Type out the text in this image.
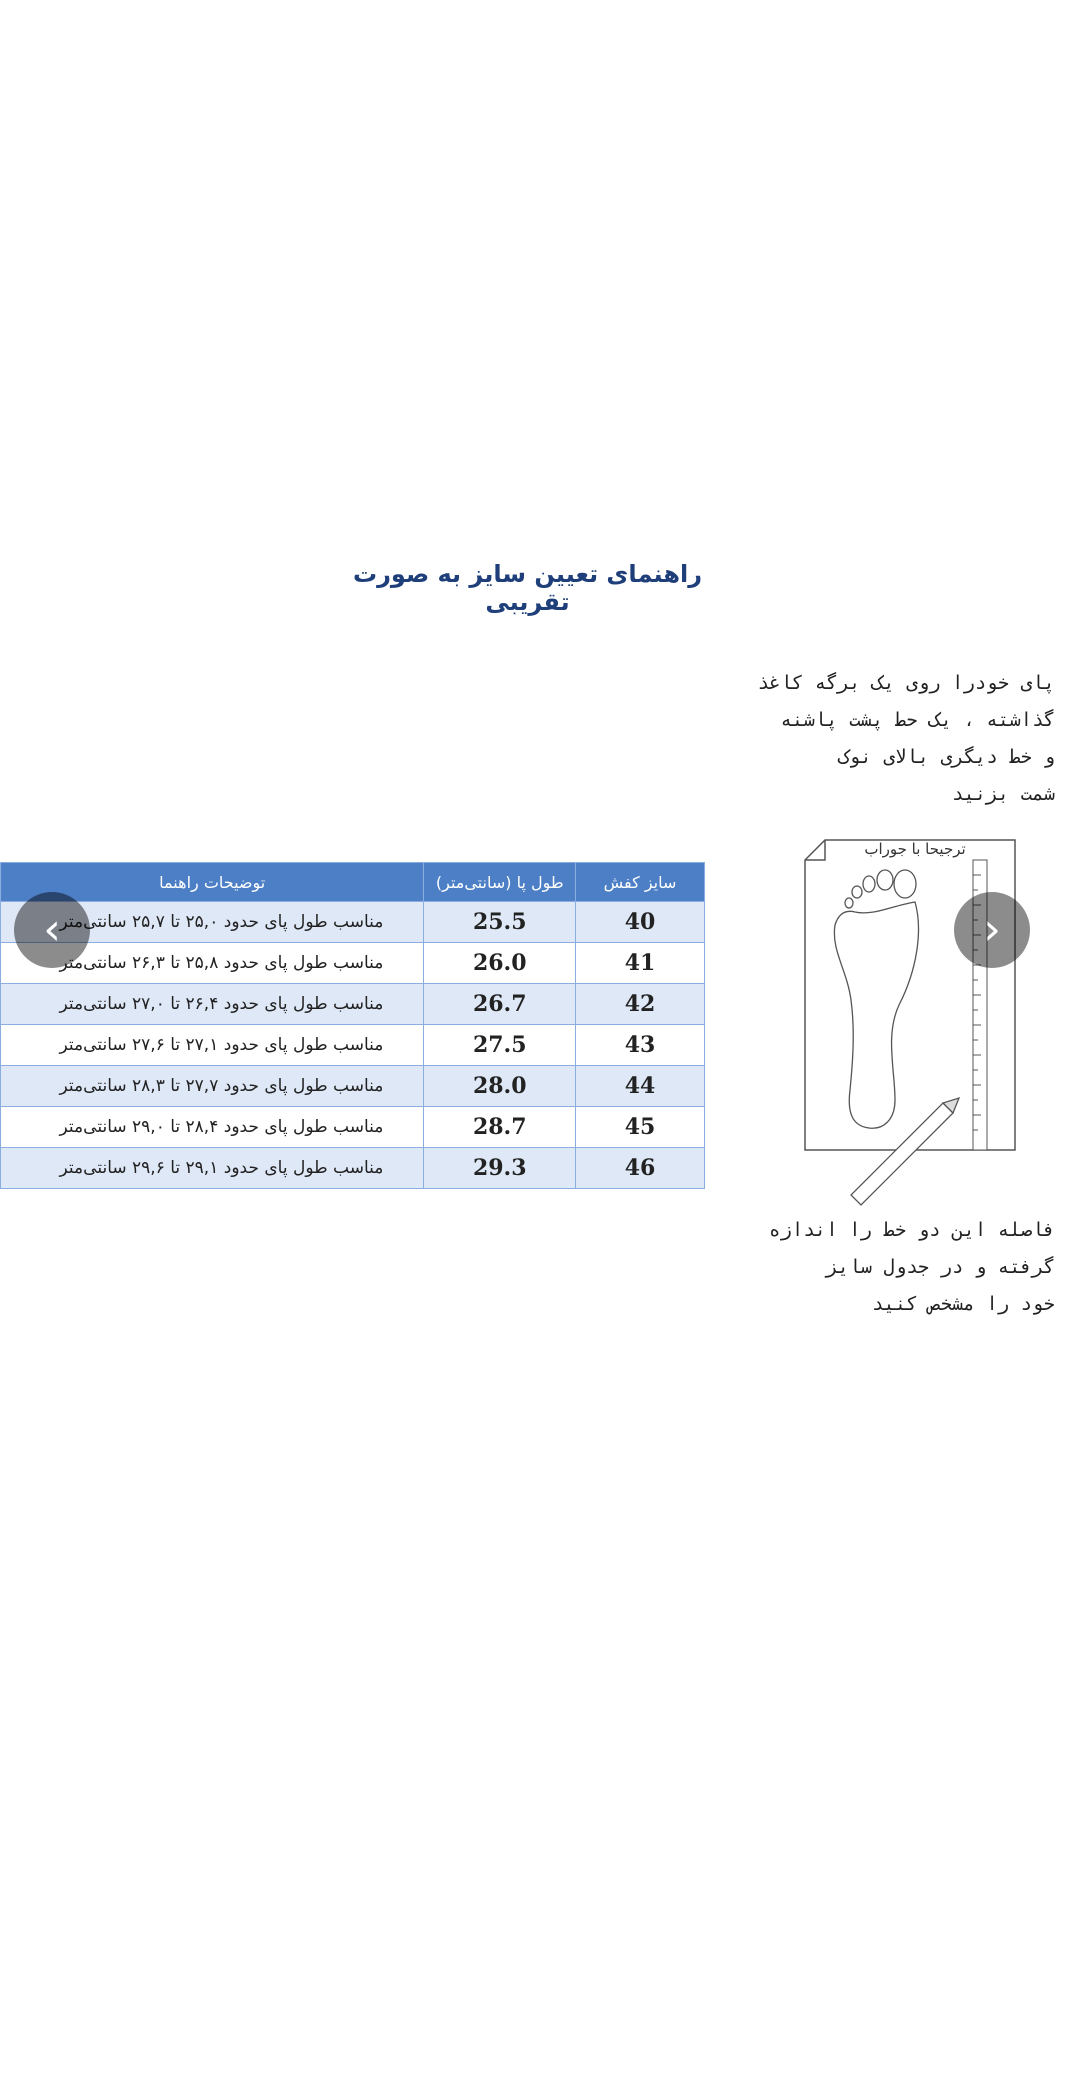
راهنمای تعیین سایز به صورت تقریبی
سایز کفش	طول پا (سانتی‌متر)	توضیحات راهنما
40	25.5	مناسب طول پای حدود ۲۵,۰ تا ۲۵,۷ سانتی‌متر
41	26.0	مناسب طول پای حدود ۲۵,۸ تا ۲۶,۳ سانتی‌متر
42	26.7	مناسب طول پای حدود ۲۶,۴ تا ۲۷,۰ سانتی‌متر
43	27.5	مناسب طول پای حدود ۲۷,۱ تا ۲۷,۶ سانتی‌متر
44	28.0	مناسب طول پای حدود ۲۷,۷ تا ۲۸,۳ سانتی‌متر
45	28.7	مناسب طول پای حدود ۲۸,۴ تا ۲۹,۰ سانتی‌متر
46	29.3	مناسب طول پای حدود ۲۹,۱ تا ۲۹,۶ سانتی‌متر
پای خودرا روی یک برگه کاغذ
گذاشته ، یک حط پشت پاشنه
و خط دیگری بالای نوک
شمت بزنید
ترجیحا با جوراب
فاصله این دو خط را اندازه
گرفته و در جدول سایز
خود را مشخص کنید
‹	›
